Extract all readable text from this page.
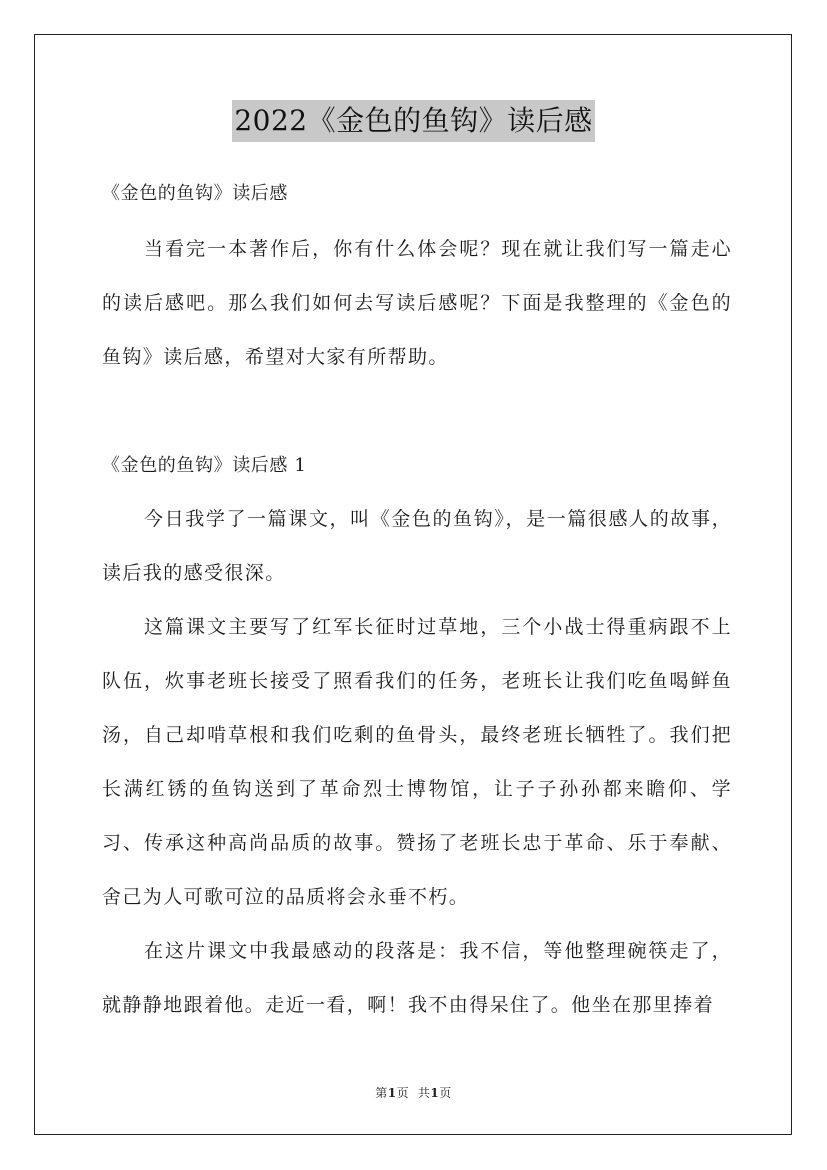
2022《金色的鱼钩》读后感
《金色的鱼钩》读后感

当看完一本著作后，你有什么体会呢？现在就让我们写一篇走心的读后感吧。那么我们如何去写读后感呢？下面是我整理的《金色的鱼钩》读后感，希望对大家有所帮助。

《金色的鱼钩》读后感 1

今日我学了一篇课文，叫《金色的鱼钩》，是一篇很感人的故事，读后我的感受很深。

这篇课文主要写了红军长征时过草地，三个小战士得重病跟不上队伍，炊事老班长接受了照看我们的任务，老班长让我们吃鱼喝鲜鱼汤，自己却啃草根和我们吃剩的鱼骨头，最终老班长牺牲了。我们把长满红锈的鱼钩送到了革命烈士博物馆，让子子孙孙都来瞻仰、学习、传承这种高尚品质的故事。赞扬了老班长忠于革命、乐于奉献、舍己为人可歌可泣的品质将会永垂不朽。

在这片课文中我最感动的段落是：我不信，等他整理碗筷走了，就静静地跟着他。走近一看，啊！我不由得呆住了。他坐在那里捧着

第1页 共1页
